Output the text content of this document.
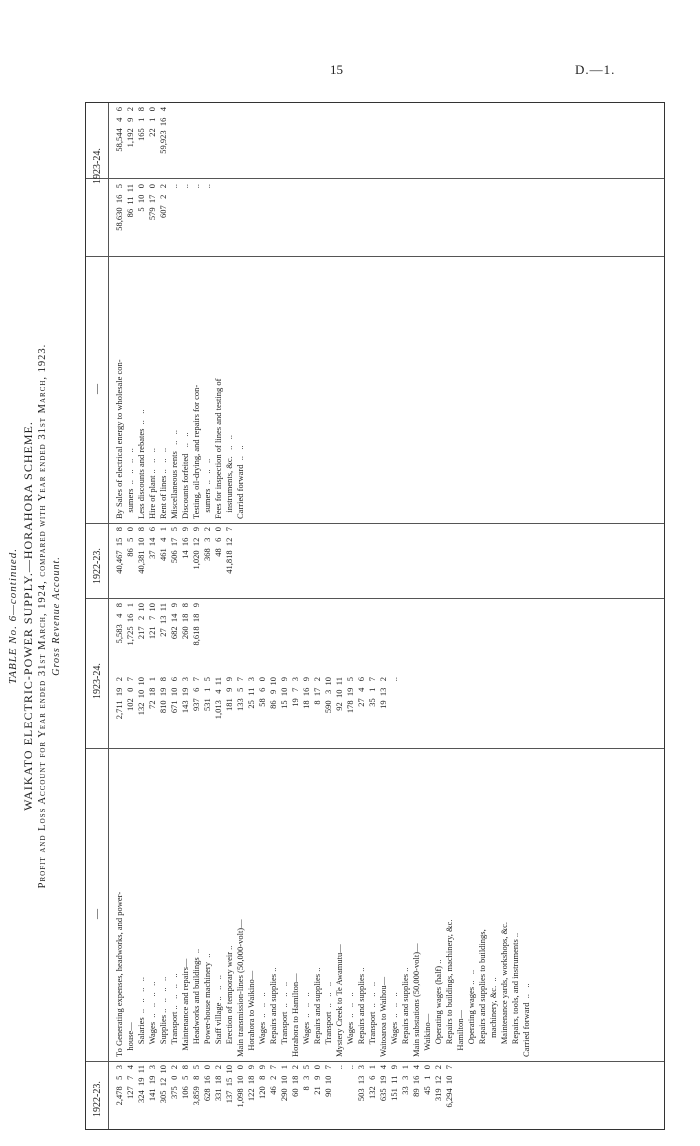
15	D.—1.
TABLE No. 6—continued. WAIKATO ELECTRIC-POWER SUPPLY.—HORAHORA SCHEME. Profit and Loss Account for Year ended 31st March, 1924, compared with Year ended 31st March, 1923. Gross Revenue Account.
1922-23.
—
1923-24.
1922-23.
—
1923-24.
2,478   5   3 127   7   4 324  19  11 141  19   3 305  12  10 375   0   2 106   5   8 3,859   8   5 628  16   0 331  18   2 137  15  10 1,098  10   0 122  18   9 120   8   9 46   2   7 290  10   1 60  18   2 8   3   5 21   9   0 90  10   7 .. .. 503  13   3 132   6   1 635  19   4 151  11   9 33   3   1 89  16   4 45   1   0 319  12   2 6,294  10   7
To Generating expenses, headworks, and power- house— Salaries  ..   ..   ..   .. Wages  ..   ..   ..   .. Supplies ..   ..   ..   .. Transport ..   ..   ..   .. Maintenance and repairs— Headworks and buildings  .. Power-house machinery  .. Staff village ..   ..   .. Erection of temporary weir .. Main transmission-lines (50,000-volt)— Horahora to Waikino— Wages  ..   ..   .. Repairs and supplies .. Transport  ..   ..   .. Horahora to Hamilton— Wages  ..   ..   .. Repairs and supplies .. Transport  ..   ..   .. Mystery Creek to Te Awamutu— Wages  ..   ..   .. Repairs and supplies .. Transport  ..   ..   .. Waitoaroa to Waihou— Wages  ..   ..   .. Repairs and supplies .. Main substations (50,000-volt)— Waikino— Operating wages (half) .. Repairs to buildings, machinery, &c. Hamilton— Operating wages ..   .. Repairs and supplies to buildings, machinery, &c.  .. Maintenance yards, workshops, &c. Repairs, tools, and instruments .. Carried forward  ..   ..
2,711  19   2 102   0   7 132  10  10 72  18   1 810  19   8 671  10   6 143  19   3 937   6   7 531   1   5 1,013   4  11 181   9   9 133   5   7 25  11   3 58   6   0 86   9  10 15  10   9 19   7   3 18  16   9 8  17   2 590   3  10 92  10  11 178  19   5 27   4   6 35   1   7 19  13   2 ..
5,583   4   8 1,725  16   1 217   2  10 121   7  10 27  13  11 682  14   9 260  18   8 8,618  18   9
40,467  15   8 86   5   0 40,381  10   8 37  14   6 461   4   1 506  17   5 14  16   9 1,020  12   9 368   3   2 48   6   0 41,818  12   7
By Sales of electrical energy to wholesale con- sumers  ..   ..   ..   .. Less discounts and rebates  ..   .. Hire of plant ..   ..   .. Rent of lines ..   ..   .. Miscellaneous rents   ..   .. Discounts forfeited   ..   .. Testing, oil-drying, and repairs for con- sumers  ..   ..   .. Fees for inspection of lines and testing of instruments, &c.   ..   .. Carried forward  ..   ..
58,630  16   5 86  11  11 5  10   0 579  17   0 607   2   2 .. .. .. ..
58,544   4   6 1,192   9   2 165   1   8 22   1   0 59,923  16   4
